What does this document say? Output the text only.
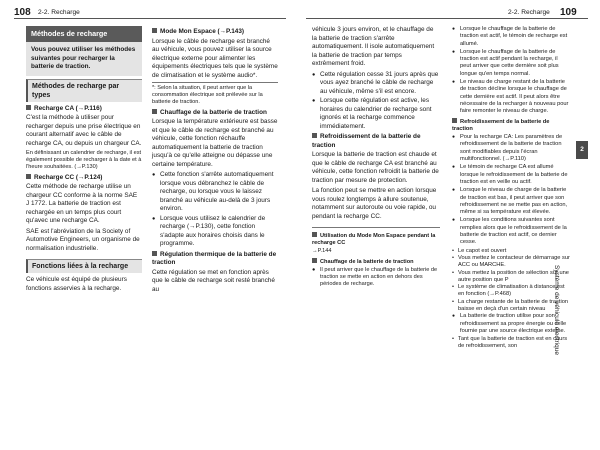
108 2-2. Recharge	2-2. Recharge 109
Méthodes de recharge
Vous pouvez utiliser les méthodes suivantes pour recharger la batterie de traction.
Méthodes de recharge par types
Recharge CA (→P.116)
C'est la méthode à utiliser pour recharger depuis une prise électrique en courant alternatif avec le câble de recharge CA, ou depuis un chargeur CA.
En définissant un calendrier de recharge, il est également possible de recharger à la date et à l'heure souhaitées. (→P.130)
Recharge CC (→P.124)
Cette méthode de recharge utilise un chargeur CC conforme à la norme SAE J 1772. La batterie de traction est rechargée en un temps plus court qu'avec une recharge CA.
SAE est l'abréviation de la Society of Automotive Engineers, un organisme de normalisation industrielle.
Fonctions liées à la recharge
Ce véhicule est équipé de plusieurs fonctions asservies à la recharge.
Mode Mon Espace (→P.143)
Lorsque le câble de recharge est branché au véhicule, vous pouvez utiliser la source électrique externe pour alimenter les équipements électriques tels que le système de climatisation et le système audio*.
*: Selon la situation, il peut arriver que la consommation électrique soit prélevée sur la batterie de traction.
Chauffage de la batterie de traction
Lorsque la température extérieure est basse et que le câble de recharge est branché au véhicule, cette fonction réchauffe automatiquement la batterie de traction jusqu'à ce qu'elle atteigne ou dépasse une certaine température.
● Cette fonction s'arrête automatiquement lorsque vous débranchez le câble de recharge, ou lorsque vous le laissez branché au véhicule au-delà de 3 jours environ.
● Lorsque vous utilisez le calendrier de recharge (→P.130), cette fonction s'adapte aux horaires choisis dans le programme.
Régulation thermique de la batterie de traction
Cette régulation se met en fonction après que le câble de recharge soit resté branché au
véhicule 3 jours environ, et le chauffage de la batterie de traction s'arrête automatiquement. Il isole automatiquement la batterie de traction par temps extrêmement froid.
● Cette régulation cesse 31 jours après que vous ayez branché le câble de recharge au véhicule, même s'il est encore.
● Lorsque cette régulation est active, les horaires du calendrier de recharge sont ignorés et la recharge commence immédiatement.
Refroidissement de la batterie de traction
Lorsque la batterie de traction est chaude et que le câble de recharge CA est branché au véhicule, cette fonction refroidit la batterie de traction par mesure de protection.
La fonction peut se mettre en action lorsque vous roulez longtemps à allure soutenue, notamment sur autoroute ou voie rapide, ou pendant la recharge CC.
Utilisation du Mode Mon Espace pendant la recharge CC
→P.144
Chauffage de la batterie de traction
● Il peut arriver que le chauffage de la batterie de traction se mette en action en dehors des périodes de recharge.
● Lorsque le chauffage de la batterie de traction est actif, le témoin de recharge est allumé.
● Lorsque le chauffage de la batterie de traction est actif pendant la recharge, il peut arriver que cette dernière soit plus longue qu'en temps normal.
● Le niveau de charge restant de la batterie de traction décline lorsque le chauffage de cette dernière est actif. Il peut alors être nécessaire de la recharger à nouveau pour faire remonter le niveau de charge.
Refroidissement de la batterie de traction
● Pour la recharge CA: Les paramètres de refroidissement de la batterie de traction sont modifiables depuis l'écran multifonctionnel. (→P.110)
● Le témoin de recharge CA est allumé lorsque le refroidissement de la batterie de traction est en veille ou actif.
● Lorsque le niveau de charge de la batterie de traction est bas, il peut arriver que son refroidissement ne se mette pas en action, même si sa température est élevée.
● Lorsque les conditions suivantes sont remplies alors que le refroidissement de la batterie de traction est actif, ce dernier cesse.
• Le capot est ouvert
• Vous mettez le contacteur de démarrage sur ACC ou MARCHE.
• Vous mettez la position de sélection sur une autre position que P
• Le système de climatisation à distance est en fonction (→P.468)
• La charge restante de la batterie de traction baisse en deçà d'un certain niveau
● La batterie de traction utilise pour son refroidissement sa propre énergie ou celle fournie par une source électrique externe.
• Tant que la batterie de traction est en cours de refroidissement, son
2
Système de véhicule électrique
